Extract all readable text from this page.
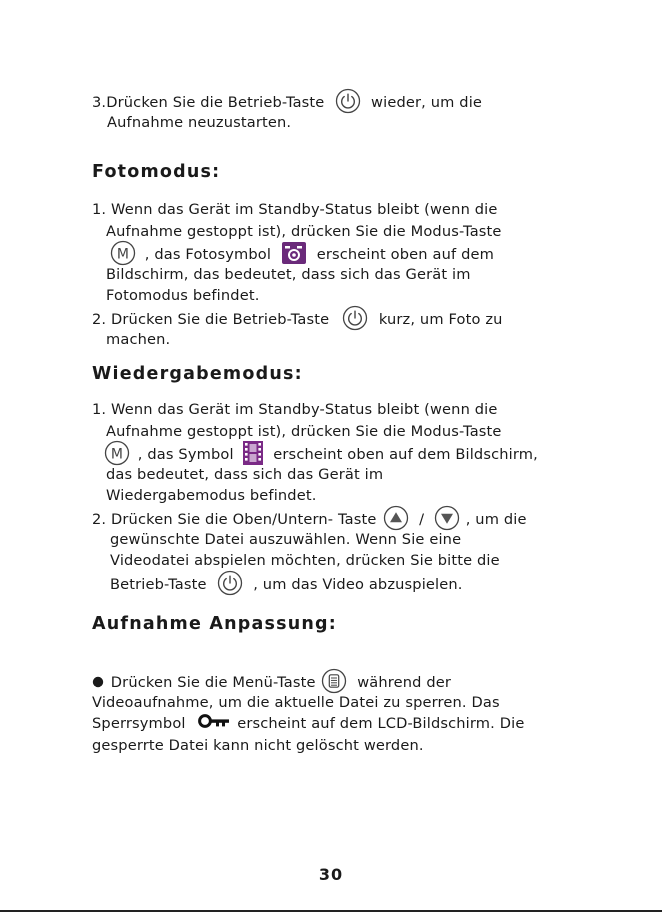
3.Drücken Sie die Betrieb-Taste	wieder, um die
Aufnahme neuzustarten.
Fotomodus:
1. Wenn das Gerät im Standby-Status bleibt (wenn die
Aufnahme gestoppt ist), drücken Sie die Modus-Taste
, das Fotosymbol	erscheint oben auf dem
Bildschirm, das bedeutet, dass sich das Gerät im
Fotomodus befindet.
2. Drücken Sie die Betrieb-Taste	kurz, um Foto zu
machen.
Wiedergabemodus:
1. Wenn das Gerät im Standby-Status bleibt (wenn die
Aufnahme gestoppt ist), drücken Sie die Modus-Taste
, das Symbol	erscheint oben auf dem Bildschirm,
das bedeutet, dass sich das Gerät im
Wiedergabemodus befindet.
2. Drücken Sie die Oben/Untern- Taste	/	, um die
gewünschte Datei auszuwählen. Wenn Sie eine
Videodatei abspielen möchten, drücken Sie bitte die
Betrieb-Taste	, um das Video abzuspielen.
Aufnahme Anpassung:
Drücken Sie die Menü-Taste	während der
Videoaufnahme, um die aktuelle Datei zu sperren. Das
Sperrsymbol	erscheint auf dem LCD-Bildschirm. Die
gesperrte Datei kann nicht gelöscht werden.
30
